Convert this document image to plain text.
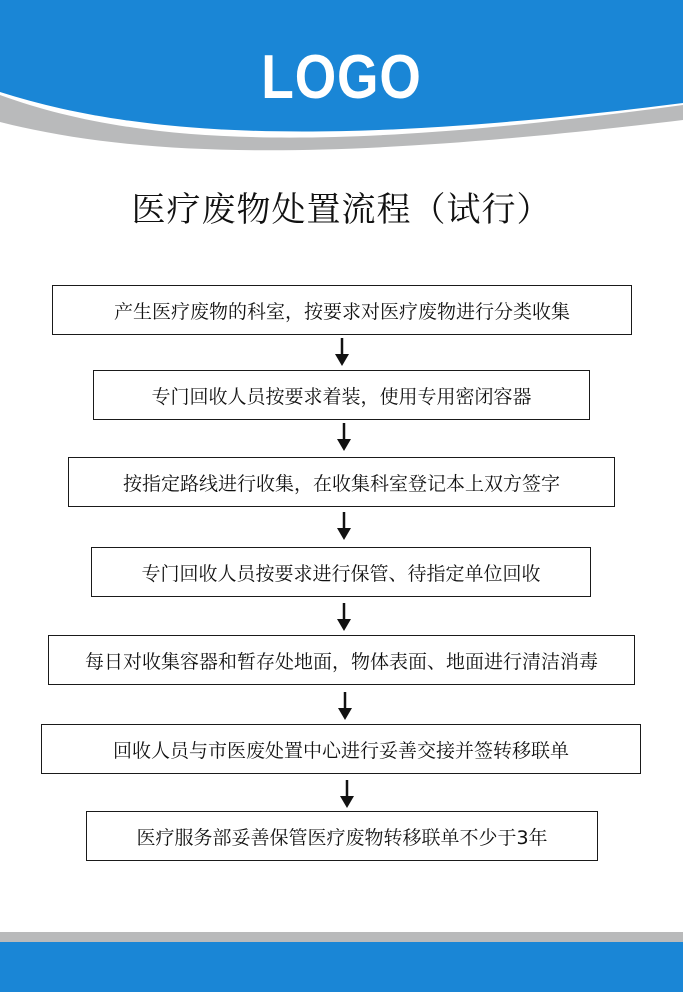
LOGO
医疗废物处置流程（试行）
产生医疗废物的科室，按要求对医疗废物进行分类收集
专门回收人员按要求着装，使用专用密闭容器
按指定路线进行收集，在收集科室登记本上双方签字
专门回收人员按要求进行保管、待指定单位回收
每日对收集容器和暂存处地面，物体表面、地面进行清洁消毒
回收人员与市医废处置中心进行妥善交接并签转移联单
医疗服务部妥善保管医疗废物转移联单不少于3年
